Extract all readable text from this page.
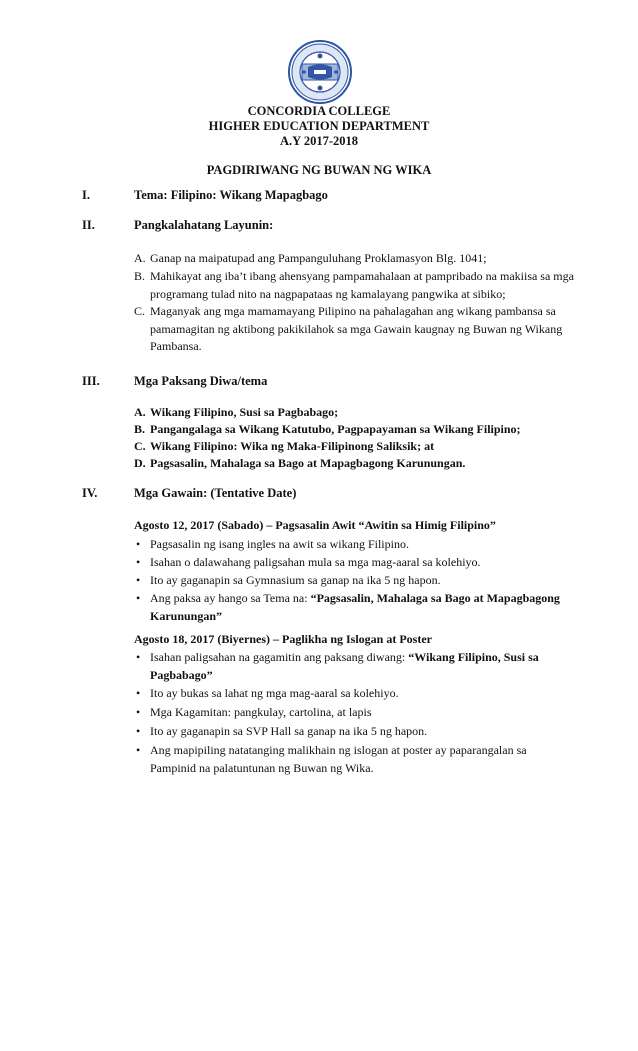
CONCORDIA COLLEGE
HIGHER EDUCATION DEPARTMENT
A.Y 2017-2018
PAGDIRIWANG NG BUWAN NG WIKA
I.	Tema: Filipino: Wikang Mapagbago
II.	Pangkalahatang Layunin:
A. Ganap na maipatupad ang Pampanguluhang Proklamasyon Blg. 1041;
B. Mahikayat ang iba’t ibang ahensyang pampamahalaan at pampribado na makiisa sa mga programang tulad nito na nagpapataas ng kamalayang pangwika at sibiko;
C. Maganyak ang mga mamamayang Pilipino na pahalagahan ang wikang pambansa sa pamamagitan ng aktibong pakikilahok sa mga Gawain kaugnay ng Buwan ng Wikang Pambansa.
III.	Mga Paksang Diwa/tema
A. Wikang Filipino, Susi sa Pagbabago;
B. Pangangalaga sa Wikang Katutubo, Pagpapayaman sa Wikang Filipino;
C. Wikang Filipino: Wika ng Maka-Filipinong Saliksik; at
D. Pagsasalin, Mahalaga sa Bago at Mapagbagong Karunungan.
IV.	Mga Gawain: (Tentative Date)
Agosto 12, 2017 (Sabado) – Pagsasalin Awit “Awitin sa Himig Filipino”
• Pagsasalin ng isang ingles na awit sa wikang Filipino.
• Isahan o dalawahang paligsahan mula sa mga mag-aaral sa kolehiyo.
• Ito ay gaganapin sa Gymnasium sa ganap na ika 5 ng hapon.
• Ang paksa ay hango sa Tema na: “Pagsasalin, Mahalaga sa Bago at Mapagbagong Karunungan”
Agosto 18, 2017 (Biyernes) – Paglikha ng Islogan at Poster
• Isahan paligsahan na gagamitin ang paksang diwang: “Wikang Filipino, Susi sa Pagbabago”
• Ito ay bukas sa lahat ng mga mag-aaral sa kolehiyo.
• Mga Kagamitan: pangkulay, cartolina, at lapis
• Ito ay gaganapin sa SVP Hall sa ganap na ika 5 ng hapon.
• Ang mapipiling natatanging malikhain ng islogan at poster ay paparangalan sa Pampinid na palatuntunan ng Buwan ng Wika.
